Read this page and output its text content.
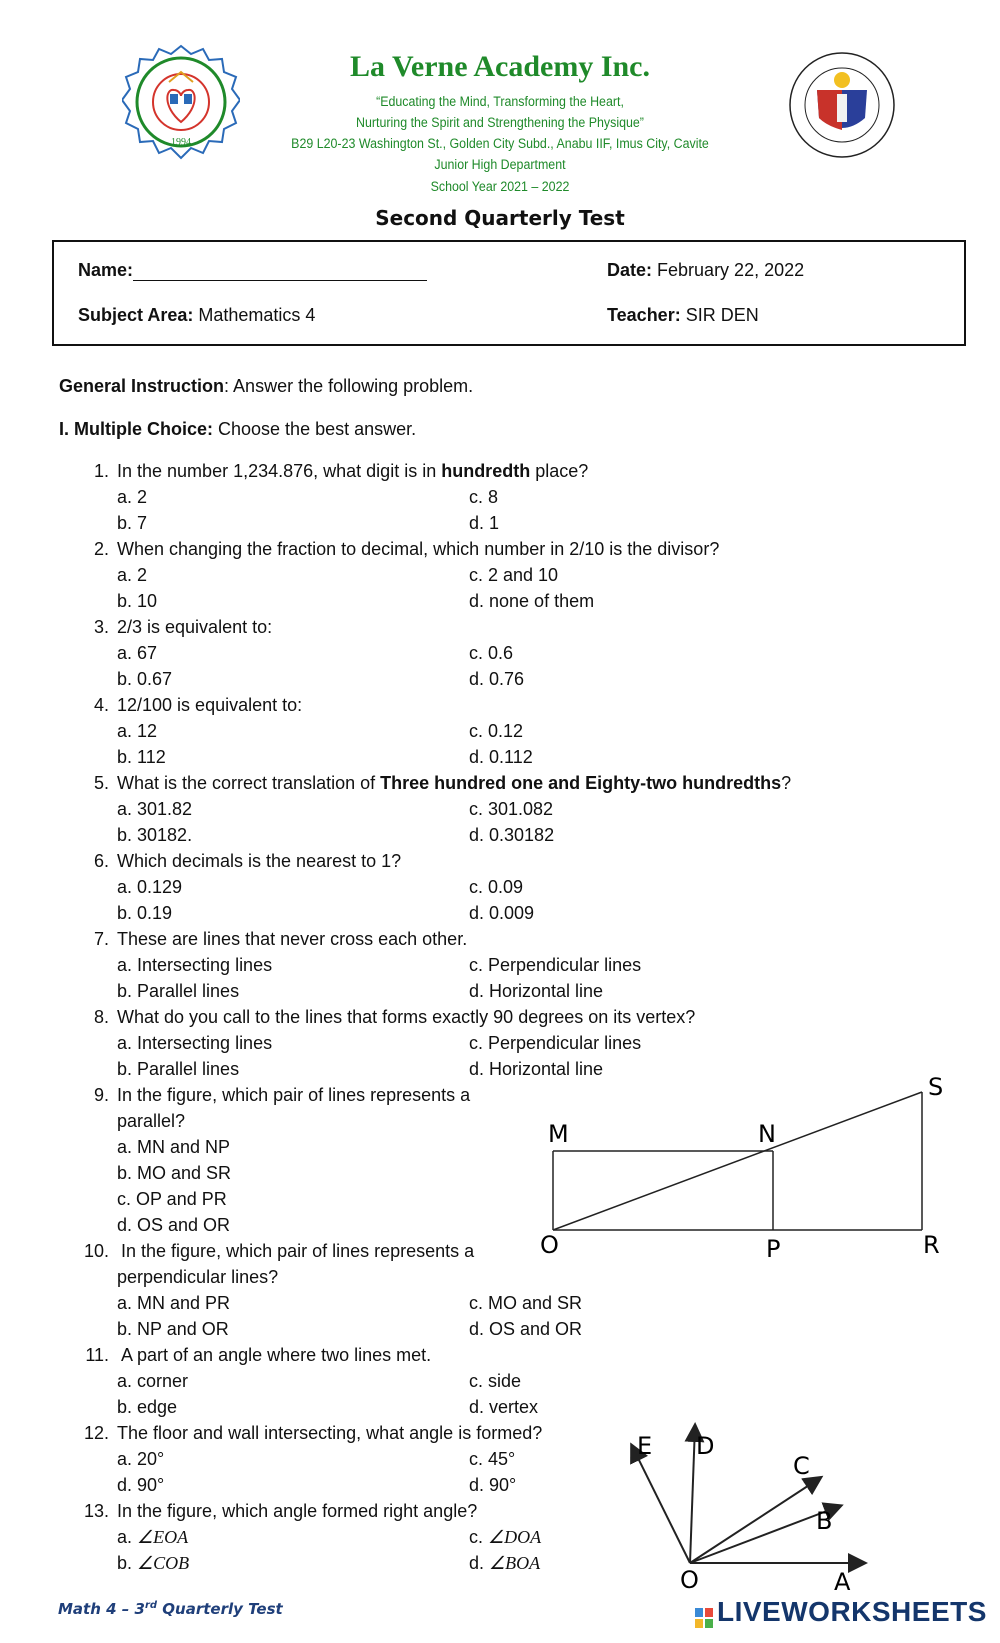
1994
La Verne Academy Inc.
“Educating the Mind, Transforming the Heart,
Nurturing the Spirit and Strengthening the Physique”
B29 L20-23 Washington St., Golden City Subd., Anabu IIF, Imus City, Cavite
Junior High Department
School Year 2021 – 2022
Second Quarterly Test
Name:	Date: February 22, 2022
Subject Area: Mathematics 4	Teacher: SIR DEN
General Instruction: Answer the following problem.
I. Multiple Choice: Choose the best answer.
1. In the number 1,234.876, what digit is in hundredth place?
a. 2	c. 8
b. 7	d. 1
2. When changing the fraction to decimal, which number in 2/10 is the divisor?
a. 2	c. 2 and 10
b. 10	d. none of them
3. 2/3 is equivalent to:
a. 67	c. 0.6
b. 0.67	d. 0.76
4. 12/100 is equivalent to:
a. 12	c. 0.12
b. 112	d. 0.112
5. What is the correct translation of Three hundred one and Eighty-two hundredths?
a. 301.82	c. 301.082
b. 30182.	d. 0.30182
6. Which decimals is the nearest to 1?
a. 0.129	c. 0.09
b. 0.19	d. 0.009
7. These are lines that never cross each other.
a. Intersecting lines	c. Perpendicular lines
b. Parallel lines	d. Horizontal line
8. What do you call to the lines that forms exactly 90 degrees on its vertex?
a. Intersecting lines	c. Perpendicular lines
b. Parallel lines	d. Horizontal line
9. In the figure, which pair of lines represents a
parallel?
a. MN and NP
b. MO and SR
c. OP and PR
d. OS and OR
M	N
S
O	P	R
10. In the figure, which pair of lines represents a
perpendicular lines?
a. MN and PR	c. MO and SR
b. NP and OR	d. OS and OR
11. A part of an angle where two lines met.
a. corner	c. side
b. edge	d. vertex
12. The floor and wall intersecting, what angle is formed?
a. 20°	c. 45°
d. 90°	d. 90°
13. In the figure, which angle formed right angle?
a. ∠EOA	c. ∠DOA
b. ∠COB	d. ∠BOA
E D
C
B
O	A
Math 4 – 3rd Quarterly Test	LIVEWORKSHEETS
